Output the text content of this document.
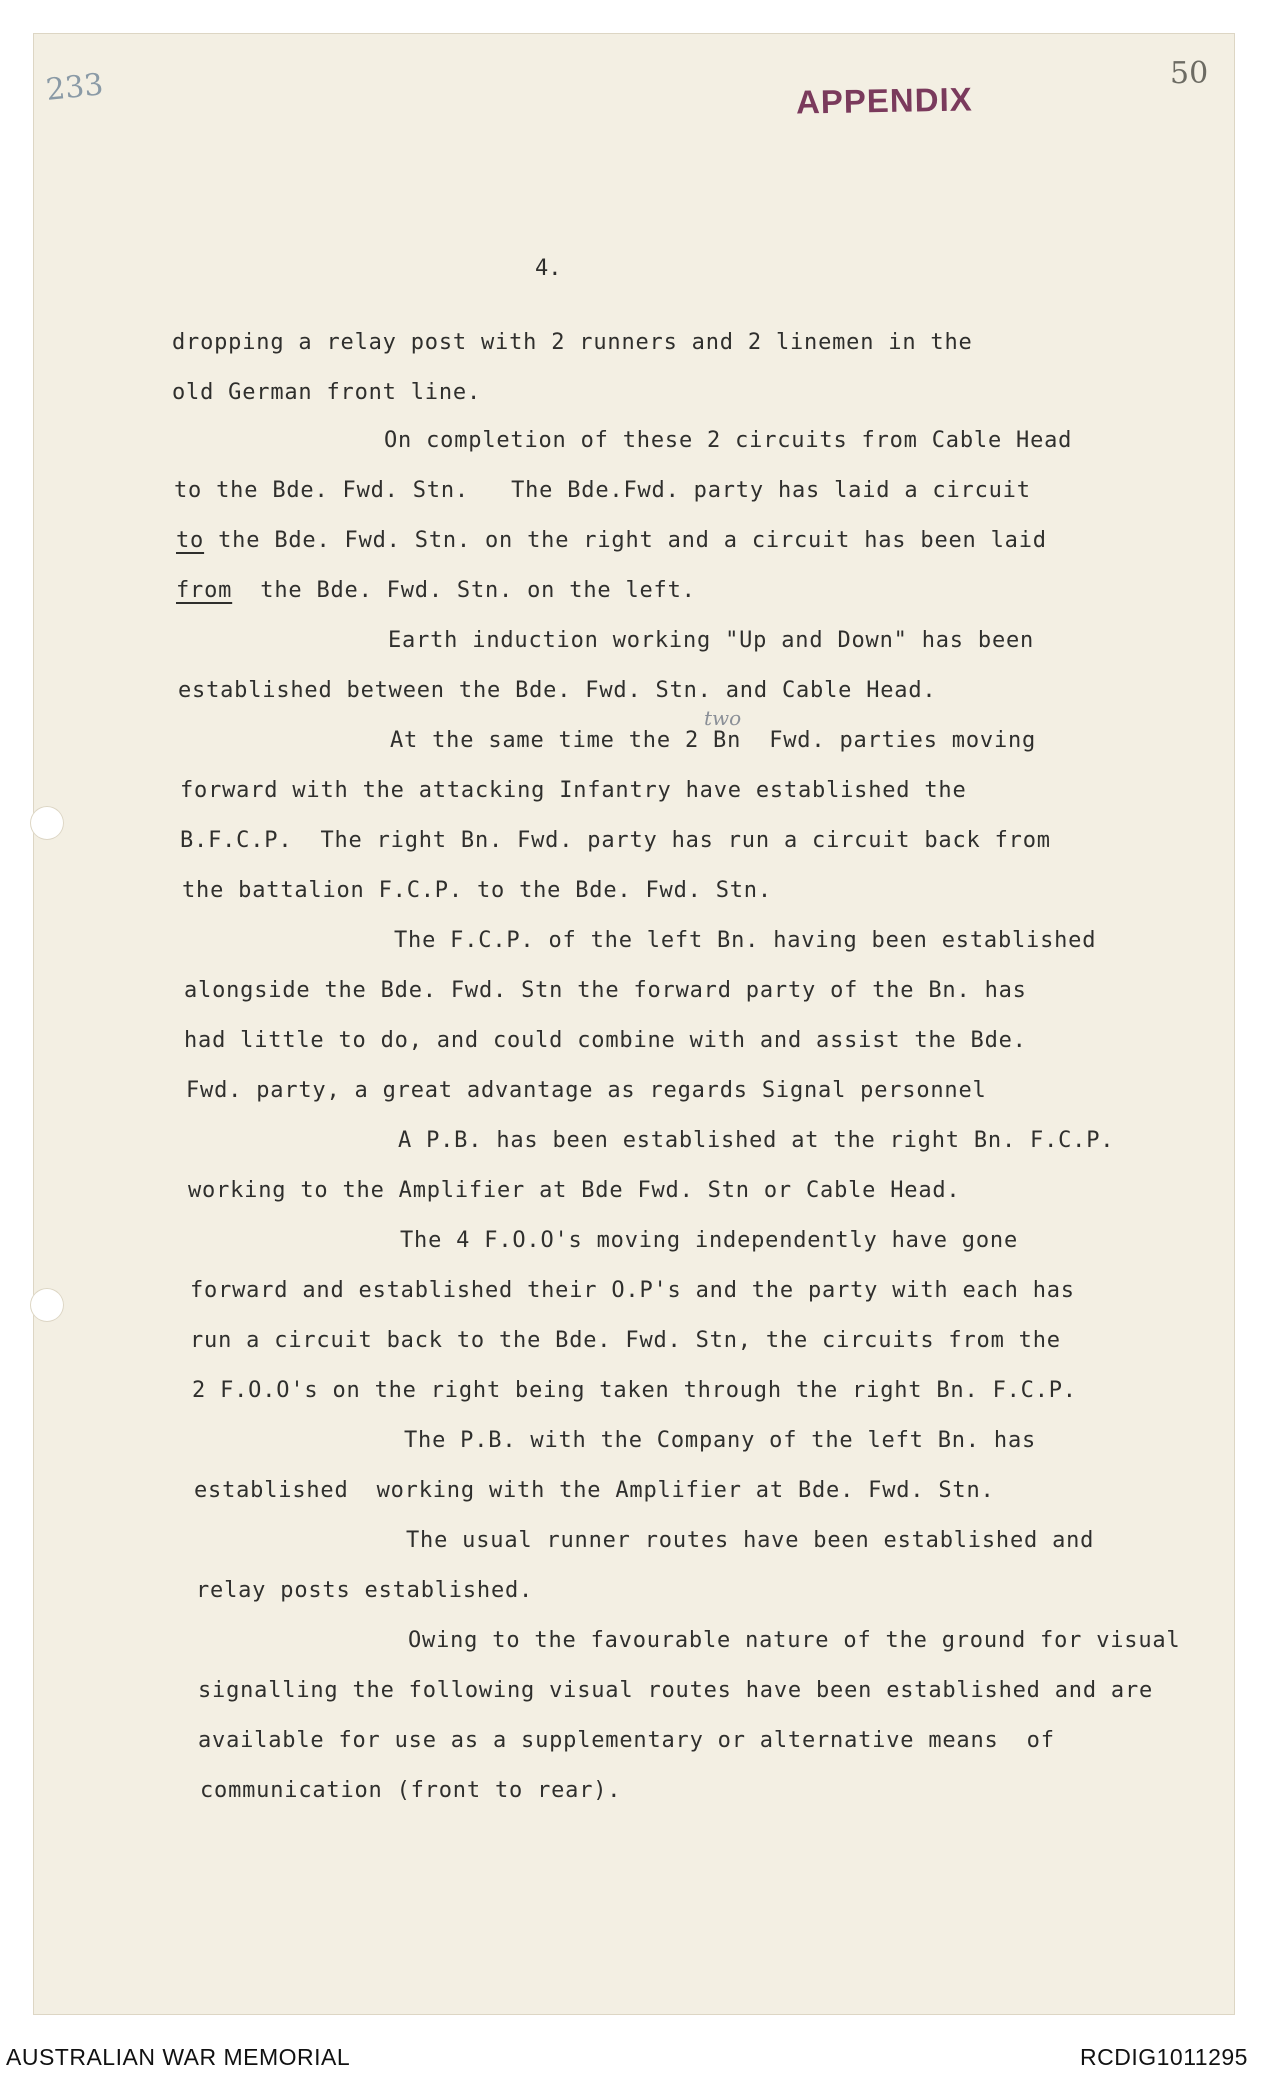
233	APPENDIX
50
4.
two
dropping a relay post with 2 runners and 2 linemen in the
old German front line.
On completion of these 2 circuits from Cable Head
to the Bde. Fwd. Stn.   The Bde.Fwd. party has laid a circuit
to the Bde. Fwd. Stn. on the right and a circuit has been laid
from  the Bde. Fwd. Stn. on the left.
Earth induction working "Up and Down" has been
established between the Bde. Fwd. Stn. and Cable Head.
At the same time the 2 Bn  Fwd. parties moving
forward with the attacking Infantry have established the
B.F.C.P.  The right Bn. Fwd. party has run a circuit back from
the battalion F.C.P. to the Bde. Fwd. Stn.
The F.C.P. of the left Bn. having been established
alongside the Bde. Fwd. Stn the forward party of the Bn. has
had little to do, and could combine with and assist the Bde.
Fwd. party, a great advantage as regards Signal personnel
A P.B. has been established at the right Bn. F.C.P.
working to the Amplifier at Bde Fwd. Stn or Cable Head.
The 4 F.O.O's moving independently have gone
forward and established their O.P's and the party with each has
run a circuit back to the Bde. Fwd. Stn, the circuits from the
2 F.O.O's on the right being taken through the right Bn. F.C.P.
The P.B. with the Company of the left Bn. has
established  working with the Amplifier at Bde. Fwd. Stn.
The usual runner routes have been established and
relay posts established.
Owing to the favourable nature of the ground for visual
signalling the following visual routes have been established and are
available for use as a supplementary or alternative means  of
communication (front to rear).
AUSTRALIAN WAR MEMORIAL	RCDIG1011295
